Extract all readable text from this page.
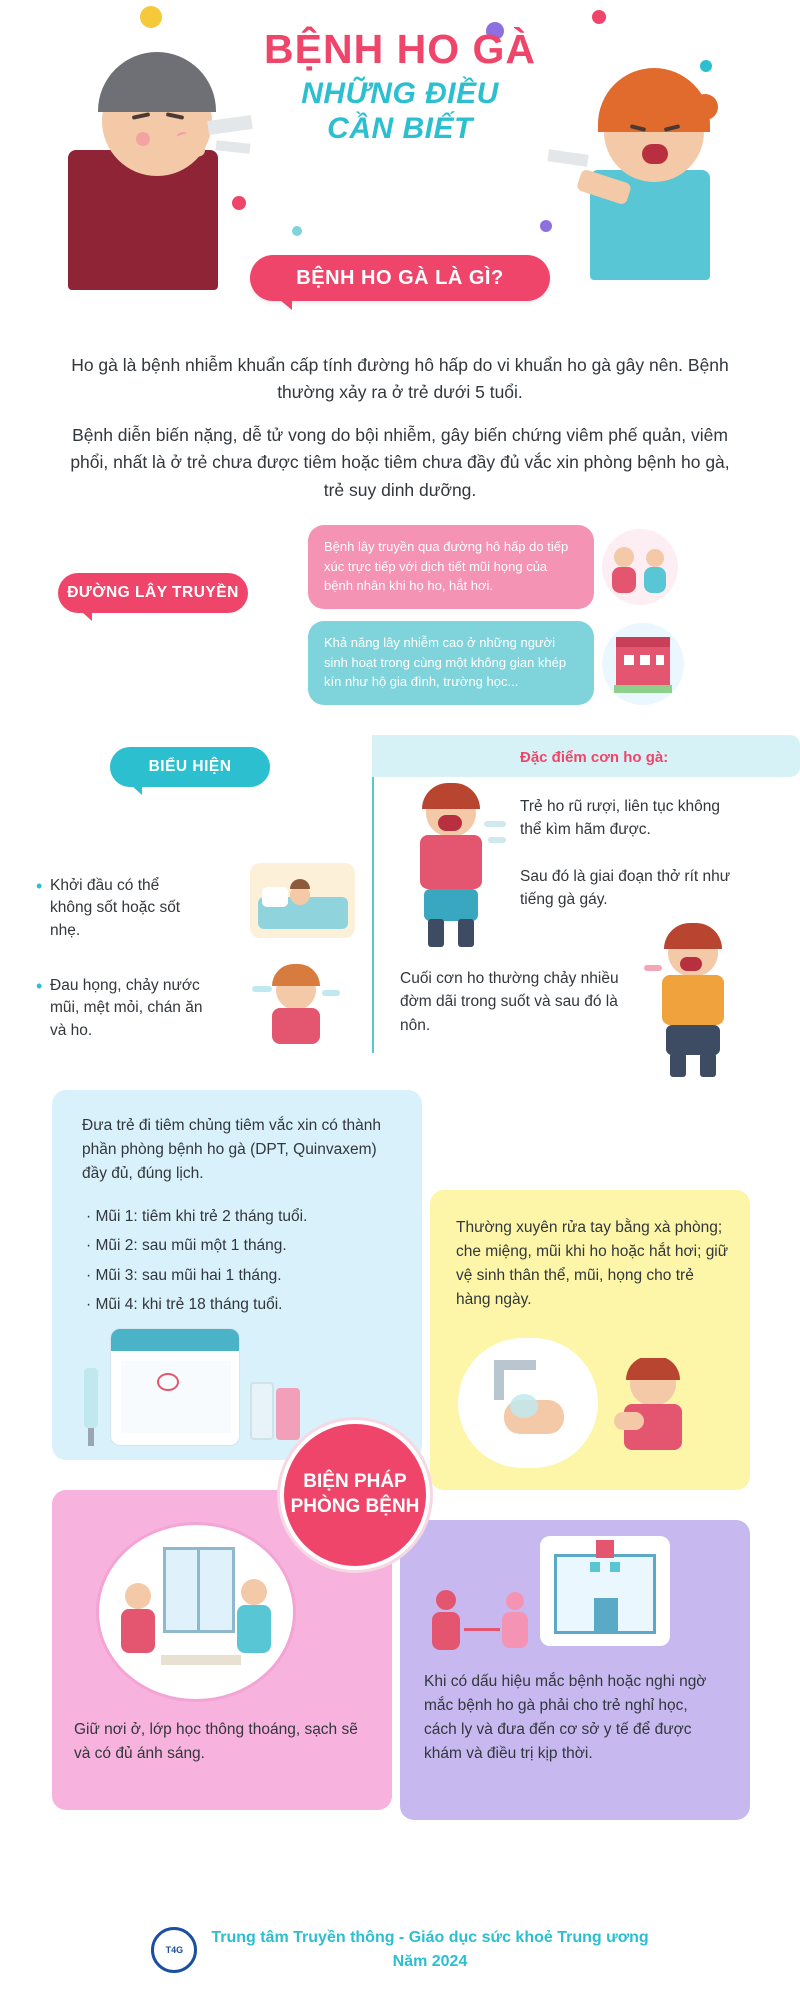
BỆNH HO GÀ
NHỮNG ĐIỀU
CẦN BIẾT
BỆNH HO GÀ LÀ GÌ?

Ho gà là bệnh nhiễm khuẩn cấp tính đường hô hấp do vi khuẩn ho gà gây nên. Bệnh thường xảy ra ở trẻ dưới 5 tuổi.

Bệnh diễn biến nặng, dễ tử vong do bội nhiễm, gây biến chứng viêm phế quản, viêm phổi, nhất là ở trẻ chưa được tiêm hoặc tiêm chưa đầy đủ vắc xin phòng bệnh ho gà, trẻ suy dinh dưỡng.

ĐƯỜNG LÂY TRUYỀN
Bệnh lây truyền qua đường hô hấp do tiếp xúc trực tiếp với dịch tiết mũi họng của bệnh nhân khi họ ho, hắt hơi.
Khả năng lây nhiễm cao ở những người sinh hoạt trong cùng một không gian khép kín như hộ gia đình, trường học...
BIỂU HIỆN
Đặc điểm cơn ho gà:
• Khởi đầu có thể không sốt hoặc sốt nhẹ.
• Đau họng, chảy nước mũi, mệt mỏi, chán ăn và ho.
Trẻ ho rũ rượi, liên tục không thể kìm hãm được.
Sau đó là giai đoạn thở rít như tiếng gà gáy.
Cuối cơn ho thường chảy nhiều đờm dãi trong suốt và sau đó là nôn.
Đưa trẻ đi tiêm chủng tiêm vắc xin có thành phần phòng bệnh ho gà (DPT, Quinvaxem) đầy đủ, đúng lịch.
· Mũi 1: tiêm khi trẻ 2 tháng tuổi.
· Mũi 2: sau mũi một 1 tháng.
· Mũi 3: sau mũi hai 1 tháng.
· Mũi 4: khi trẻ 18 tháng tuổi.
Thường xuyên rửa tay bằng xà phòng; che miệng, mũi khi ho hoặc hắt hơi; giữ vệ sinh thân thể, mũi, họng cho trẻ hàng ngày.
BIỆN PHÁP
PHÒNG BỆNH
Giữ nơi ở, lớp học thông thoáng, sạch sẽ và có đủ ánh sáng.
Khi có dấu hiệu mắc bệnh hoặc nghi ngờ mắc bệnh ho gà phải cho trẻ nghỉ học, cách ly và đưa đến cơ sở y tế để được khám và điều trị kịp thời.
T4G
Trung tâm Truyền thông - Giáo dục sức khoẻ Trung ương
Năm 2024
